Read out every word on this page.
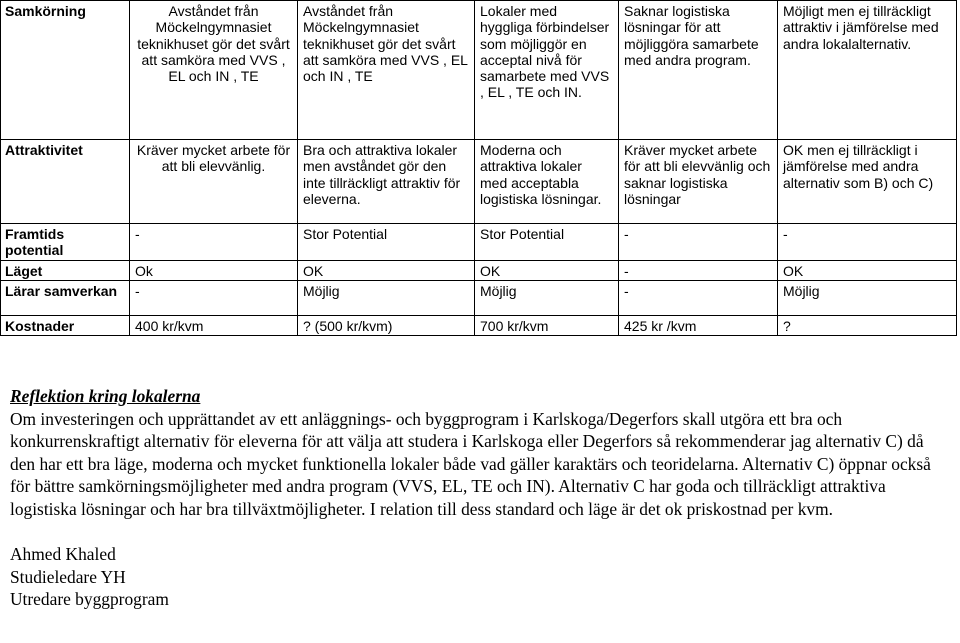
Samkörning	Avståndet från Möckelngymnasiet teknikhuset gör det svårt att samköra med VVS , EL och IN , TE	Avståndet från Möckelngymnasiet teknikhuset gör det svårt att samköra med VVS , EL och IN , TE	Lokaler med hyggliga förbindelser som möjliggör en acceptal nivå för samarbete med VVS , EL , TE och IN.	Saknar logistiska lösningar för att möjliggöra samarbete med andra program.	Möjligt men ej tillräckligt attraktiv i jämförelse med andra lokalalternativ.
Attraktivitet	Kräver mycket arbete för att bli elevvänlig.	Bra och attraktiva lokaler men avståndet gör den inte tillräckligt attraktiv för eleverna.	Moderna och attraktiva lokaler med acceptabla logistiska lösningar.	Kräver mycket arbete för att bli elevvänlig och saknar logistiska lösningar	OK men ej tillräckligt i jämförelse med andra alternativ som B) och C)
Framtids potential	-	Stor Potential	Stor Potential	-	-
Läget	Ok	OK	OK	-	OK
Lärar samverkan	-	Möjlig	Möjlig	-	Möjlig
Kostnader	400 kr/kvm	? (500 kr/kvm)	700 kr/kvm	425 kr /kvm	?

Reflektion kring lokalerna

Om investeringen och upprättandet av ett anläggnings- och byggprogram i Karlskoga/Degerfors skall utgöra ett bra och konkurrenskraftigt alternativ för eleverna för att välja att studera i Karlskoga eller Degerfors så rekommenderar jag alternativ C) då den har ett bra läge, moderna och mycket funktionella lokaler både vad gäller karaktärs och teoridelarna. Alternativ C) öppnar också för bättre samkörningsmöjligheter med andra program (VVS, EL, TE och IN). Alternativ C har goda och tillräckligt attraktiva logistiska lösningar och har bra tillväxtmöjligheter. I relation till dess standard och läge är det ok priskostnad per kvm.

Ahmed Khaled

Studieledare YH

Utredare byggprogram
